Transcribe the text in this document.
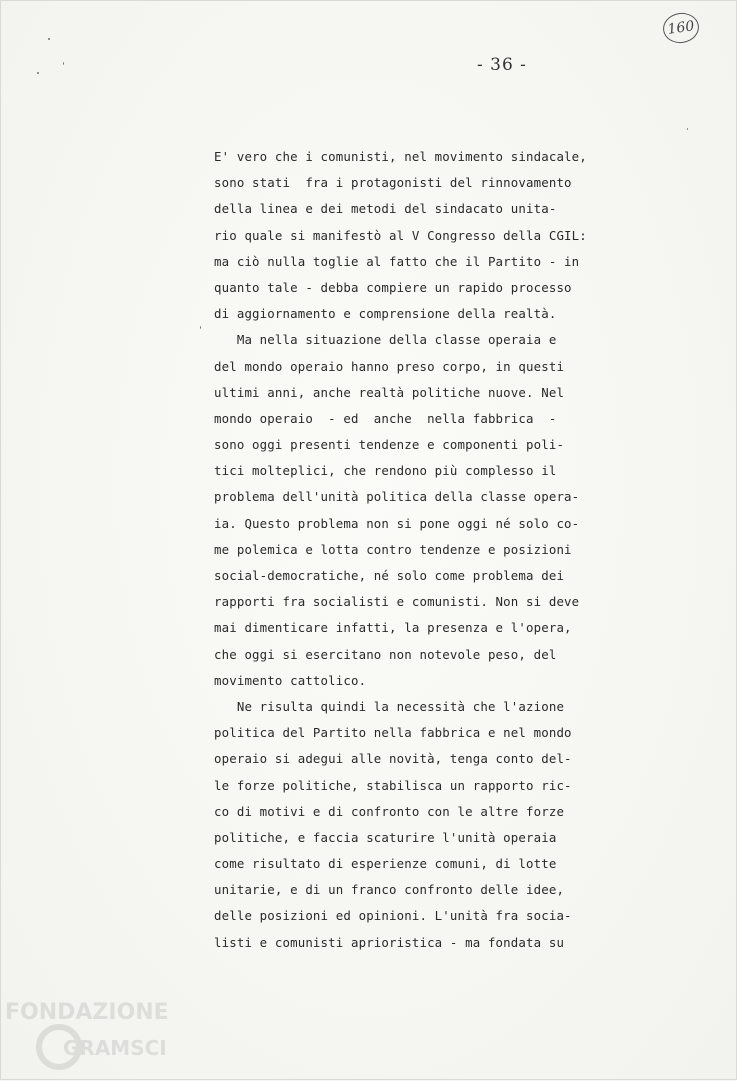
160
- 36 -
E' vero che i comunisti, nel movimento sindacale,
sono stati  fra i protagonisti del rinnovamento
della linea e dei metodi del sindacato unita-
rio quale si manifestò al V Congresso della CGIL:
ma ciò nulla toglie al fatto che il Partito - in
quanto tale - debba compiere un rapido processo
di aggiornamento e comprensione della realtà.
Ma nella situazione della classe operaia e
del mondo operaio hanno preso corpo, in questi
ultimi anni, anche realtà politiche nuove. Nel
mondo operaio  - ed  anche  nella fabbrica  -
sono oggi presenti tendenze e componenti poli-
tici molteplici, che rendono più complesso il
problema dell'unità politica della classe opera-
ia. Questo problema non si pone oggi né solo co-
me polemica e lotta contro tendenze e posizioni
social-democratiche, né solo come problema dei
rapporti fra socialisti e comunisti. Non si deve
mai dimenticare infatti, la presenza e l'opera,
che oggi si esercitano non notevole peso, del
movimento cattolico.
Ne risulta quindi la necessità che l'azione
politica del Partito nella fabbrica e nel mondo
operaio si adegui alle novità, tenga conto del-
le forze politiche, stabilisca un rapporto ric-
co di motivi e di confronto con le altre forze
politiche, e faccia scaturire l'unità operaia
come risultato di esperienze comuni, di lotte
unitarie, e di un franco confronto delle idee,
delle posizioni ed opinioni. L'unità fra socia-
listi e comunisti aprioristica - ma fondata su
FONDAZIONE
GRAMSCI
